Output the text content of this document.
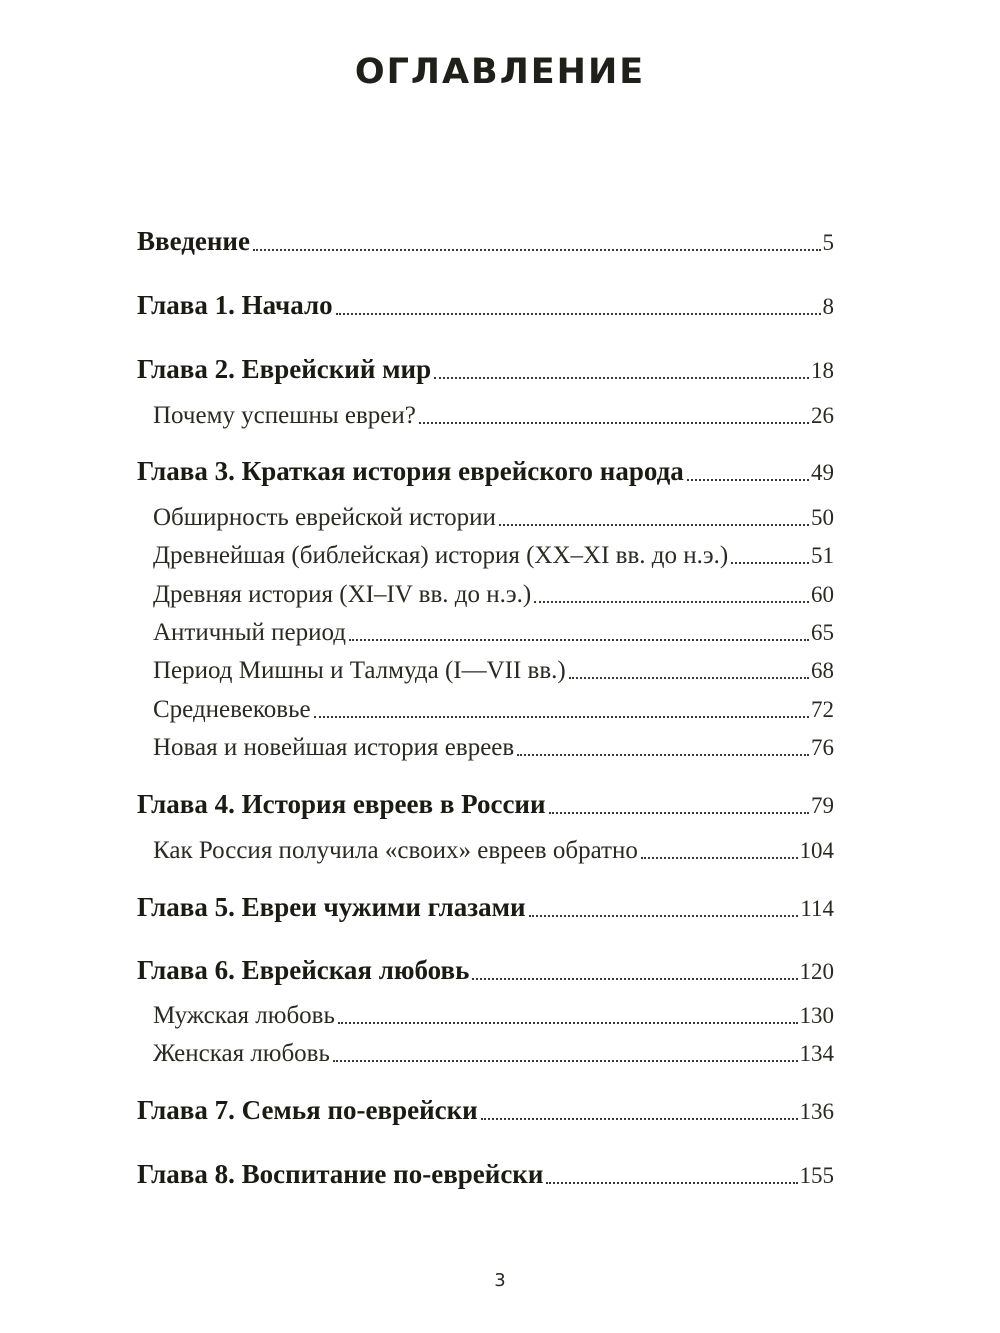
ОГЛАВЛЕНИЕ
Введение	5
Глава 1. Начало	8
Глава 2. Еврейский мир	18
Почему успешны евреи?	26
Глава 3. Краткая история еврейского народа	49
Обширность еврейской истории	50
Древнейшая (библейская) история (XX–XI вв. до н.э.)	51
Древняя история (XI–IV вв. до н.э.)	60
Античный период	65
Период Мишны и Талмуда (I—VII вв.)	68
Средневековье	72
Новая и новейшая история евреев	76
Глава 4. История евреев в России	79
Как Россия получила «своих» евреев обратно	104
Глава 5. Евреи чужими глазами	114
Глава 6. Еврейская любовь	120
Мужская любовь	130
Женская любовь	134
Глава 7. Семья по-еврейски	136
Глава 8. Воспитание по-еврейски	155
3
